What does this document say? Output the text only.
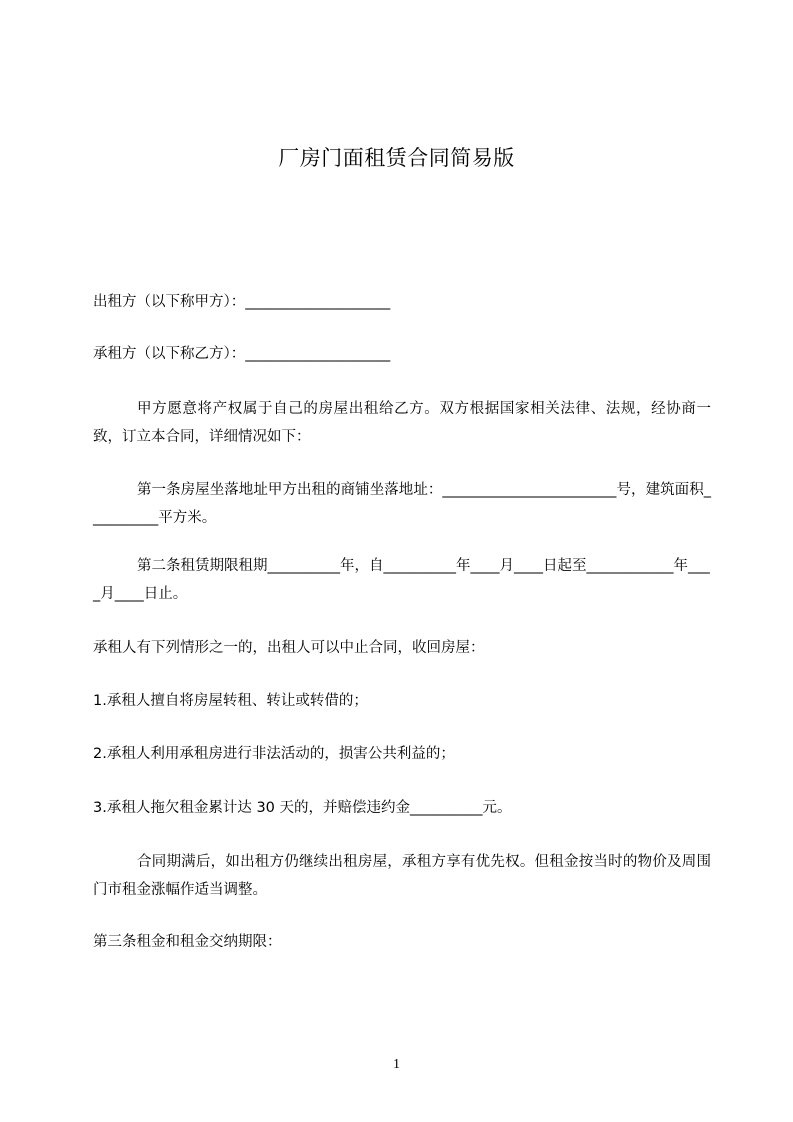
厂房门面租赁合同简易版
出租方（以下称甲方）：____________________
承租方（以下称乙方）：____________________
甲方愿意将产权属于自己的房屋出租给乙方。双方根据国家相关法律、法规，经协商一致，订立本合同，详细情况如下：
第一条房屋坐落地址甲方出租的商铺坐落地址：________________________号，建筑面积__________平方米。
第二条租赁期限租期__________年，自__________年____月____日起至____________年____月____日止。
承租人有下列情形之一的，出租人可以中止合同，收回房屋：
1.承租人擅自将房屋转租、转让或转借的；
2.承租人利用承租房进行非法活动的，损害公共利益的；
3.承租人拖欠租金累计达 30 天的，并赔偿违约金__________元。
合同期满后，如出租方仍继续出租房屋，承租方享有优先权。但租金按当时的物价及周围门市租金涨幅作适当调整。
第三条租金和租金交纳期限：
1
